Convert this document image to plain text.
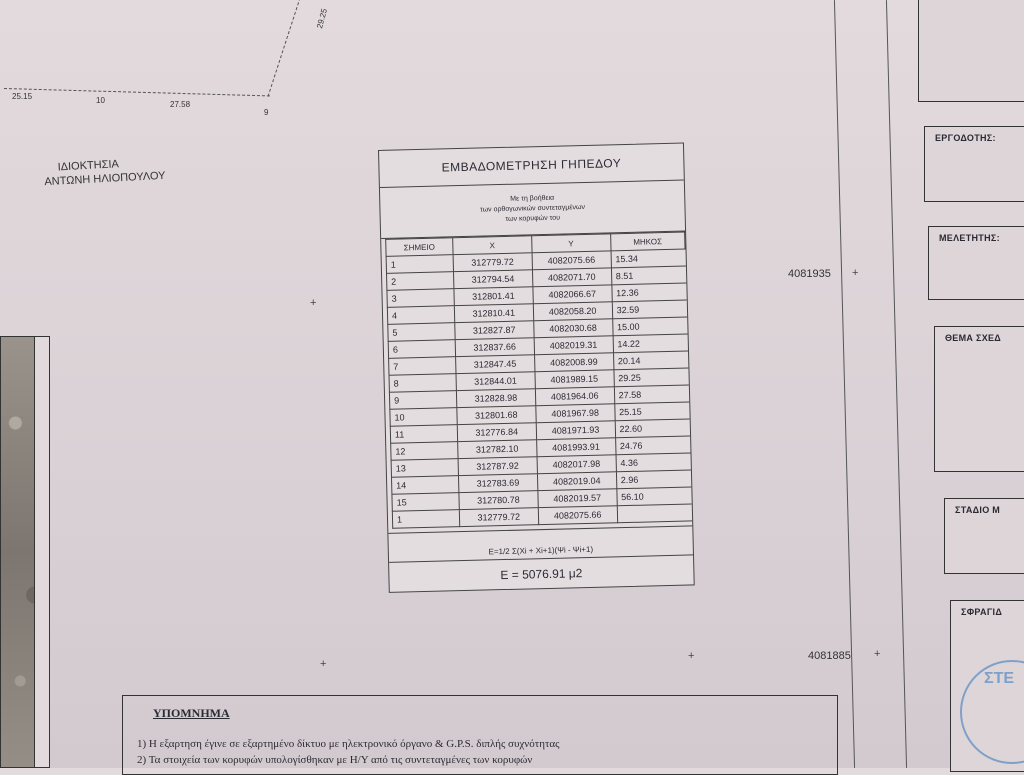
25.15	10	27.58
9
29.25
ΙΔΙΟΚΤΗΣΙΑ
ΑΝΤΩΝΗ ΗΛΙΟΠΟΥΛΟΥ
+
+
+
+	+
4081935
4081885
ΕΜΒΑΔΟΜΕΤΡΗΣΗ ΓΗΠΕΔΟΥ
Με τη βοήθεια
των ορθογωνικών συντεταγμένων
των κορυφών του
ΣΗΜΕΙΟ	X	Y	ΜΗΚΟΣ
1	312779.72	4082075.66	15.34
2	312794.54	4082071.70	8.51
3	312801.41	4082066.67	12.36
4	312810.41	4082058.20	32.59
5	312827.87	4082030.68	15.00
6	312837.66	4082019.31	14.22
7	312847.45	4082008.99	20.14
8	312844.01	4081989.15	29.25
9	312828.98	4081964.06	27.58
10	312801.68	4081967.98	25.15
11	312776.84	4081971.93	22.60
12	312782.10	4081993.91	24.76
13	312787.92	4082017.98	4.36
14	312783.69	4082019.04	2.96
15	312780.78	4082019.57	56.10
1	312779.72	4082075.66	
E=1/2 Σ(Xi + Xi+1)(Ψi - Ψi+1)
E = 5076.91 μ2
ΕΡΓΟΔΟΤΗΣ:
ΜΕΛΕΤΗΤΗΣ:
ΘΕΜΑ ΣΧΕΔ
ΣΤΑΔΙΟ Μ
ΣΦΡΑΓΙΔ
ΣΤΕ
ΥΠΟΜΝΗΜΑ
1) Η εξαρτηση έγινε σε εξαρτημένο δίκτυο με ηλεκτρονικό όργανο & G.P.S. διπλής συχνότητας
2) Τα στοιχεία των κορυφών υπολογίσθηκαν με Η/Υ από τις συντεταγμένες των κορυφών
